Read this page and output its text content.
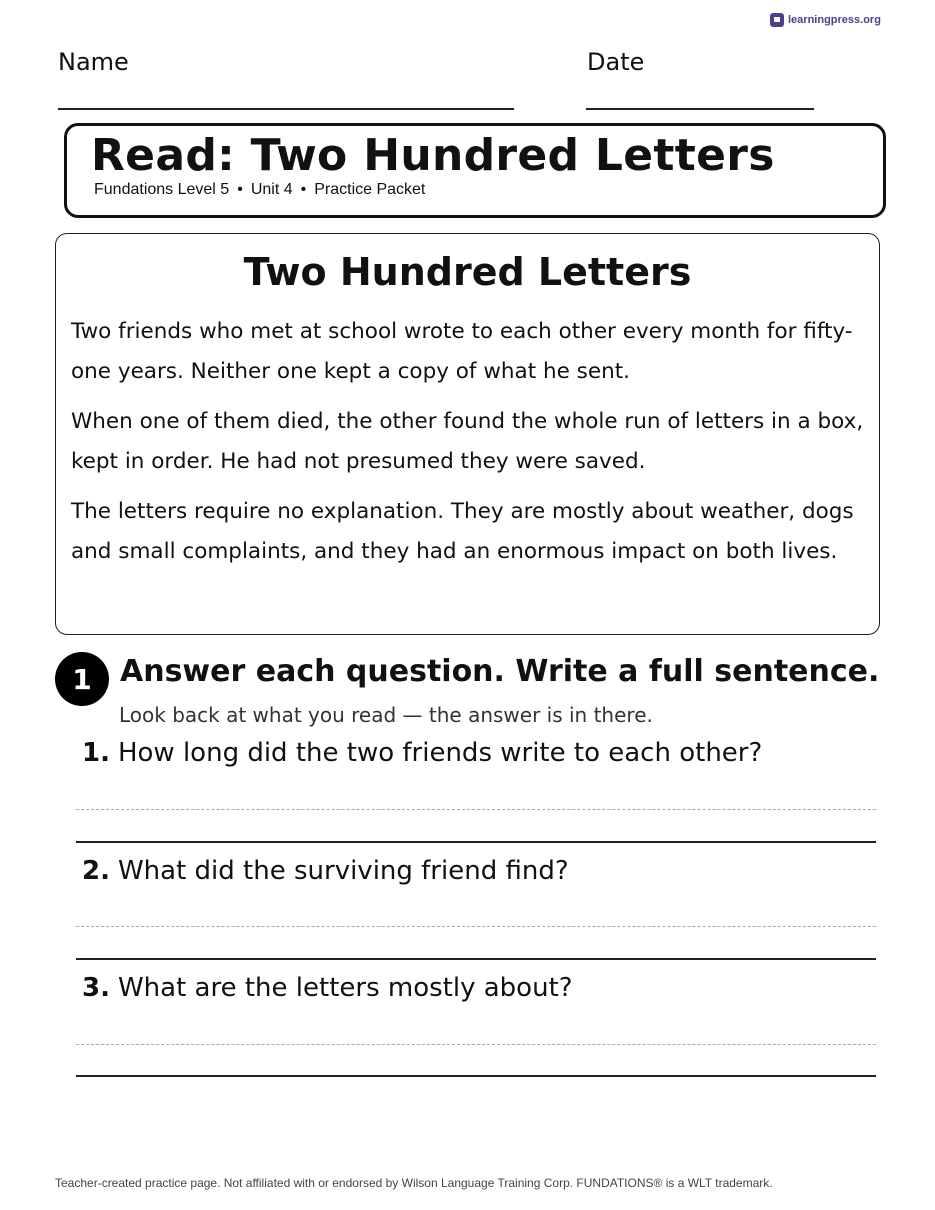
learningpress.org
Name	Date
Read: Two Hundred Letters
Fundations Level 5 • Unit 4 • Practice Packet
Two Hundred Letters

Two friends who met at school wrote to each other every month for fifty-one years. Neither one kept a copy of what he sent.

When one of them died, the other found the whole run of letters in a box, kept in order. He had not presumed they were saved.

The letters require no explanation. They are mostly about weather, dogs and small complaints, and they had an enormous impact on both lives.

1 Answer each question. Write a full sentence.
Look back at what you read — the answer is in there.
1. How long did the two friends write to each other?
2. What did the surviving friend find?
3. What are the letters mostly about?
Teacher-created practice page. Not affiliated with or endorsed by Wilson Language Training Corp. FUNDATIONS® is a WLT trademark.
